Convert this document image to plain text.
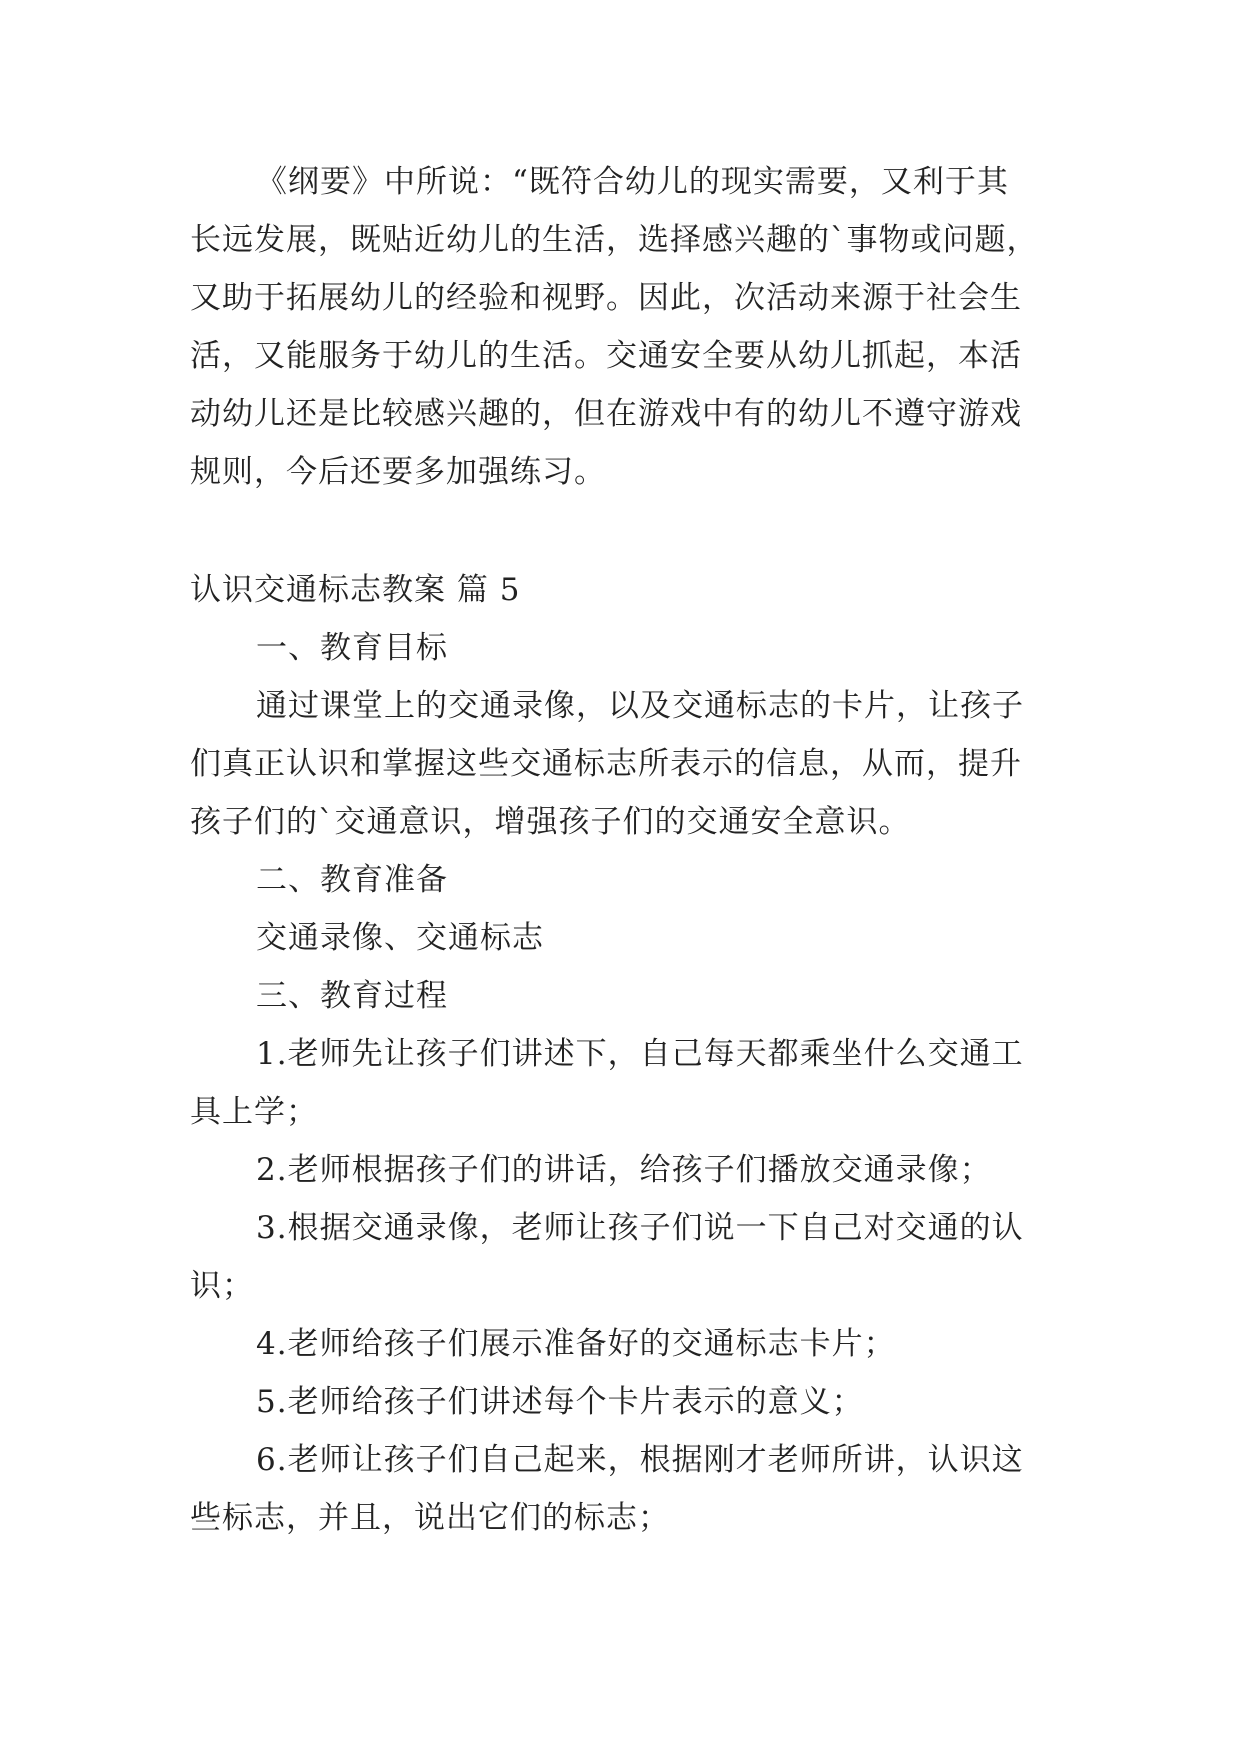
《纲要》中所说：“既符合幼儿的现实需要，又利于其
长远发展，既贴近幼儿的生活，选择感兴趣的`事物或问题，
又助于拓展幼儿的经验和视野。因此，次活动来源于社会生
活，又能服务于幼儿的生活。交通安全要从幼儿抓起，本活
动幼儿还是比较感兴趣的，但在游戏中有的幼儿不遵守游戏
规则，今后还要多加强练习。
认识交通标志教案 篇 5
一、教育目标
通过课堂上的交通录像，以及交通标志的卡片，让孩子
们真正认识和掌握这些交通标志所表示的信息，从而，提升
孩子们的`交通意识，增强孩子们的交通安全意识。
二、教育准备
交通录像、交通标志
三、教育过程
1.老师先让孩子们讲述下，自己每天都乘坐什么交通工
具上学；
2.老师根据孩子们的讲话，给孩子们播放交通录像；
3.根据交通录像，老师让孩子们说一下自己对交通的认
识；
4.老师给孩子们展示准备好的交通标志卡片；
5.老师给孩子们讲述每个卡片表示的意义；
6.老师让孩子们自己起来，根据刚才老师所讲，认识这
些标志，并且，说出它们的标志；
